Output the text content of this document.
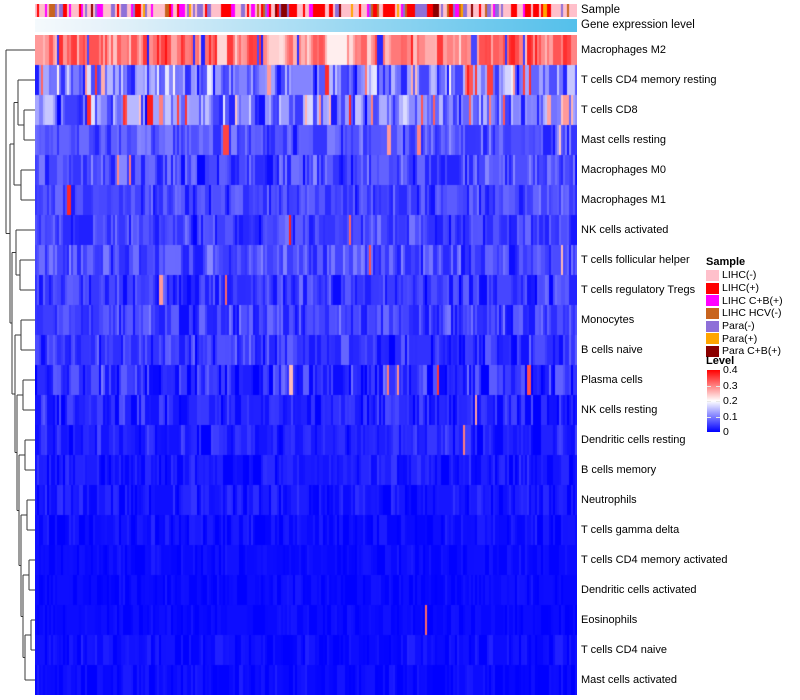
Sample
Gene expression level
Macrophages M2
T cells CD4 memory resting
T cells CD8
Mast cells resting
Macrophages M0
Macrophages M1
NK cells activated
T cells follicular helper
T cells regulatory Tregs
Monocytes
B cells naive
Plasma cells
NK cells resting
Dendritic cells resting
B cells memory
Neutrophils
T cells gamma delta
T cells CD4 memory activated
Dendritic cells activated
Eosinophils
T cells CD4 naive
Mast cells activated
Sample
LIHC(-)
LIHC(+)
LIHC C+B(+)
LIHC HCV(-)
Para(-)
Para(+)
Para C+B(+)
Level
0.4
0.3
0.2
0.1
0
